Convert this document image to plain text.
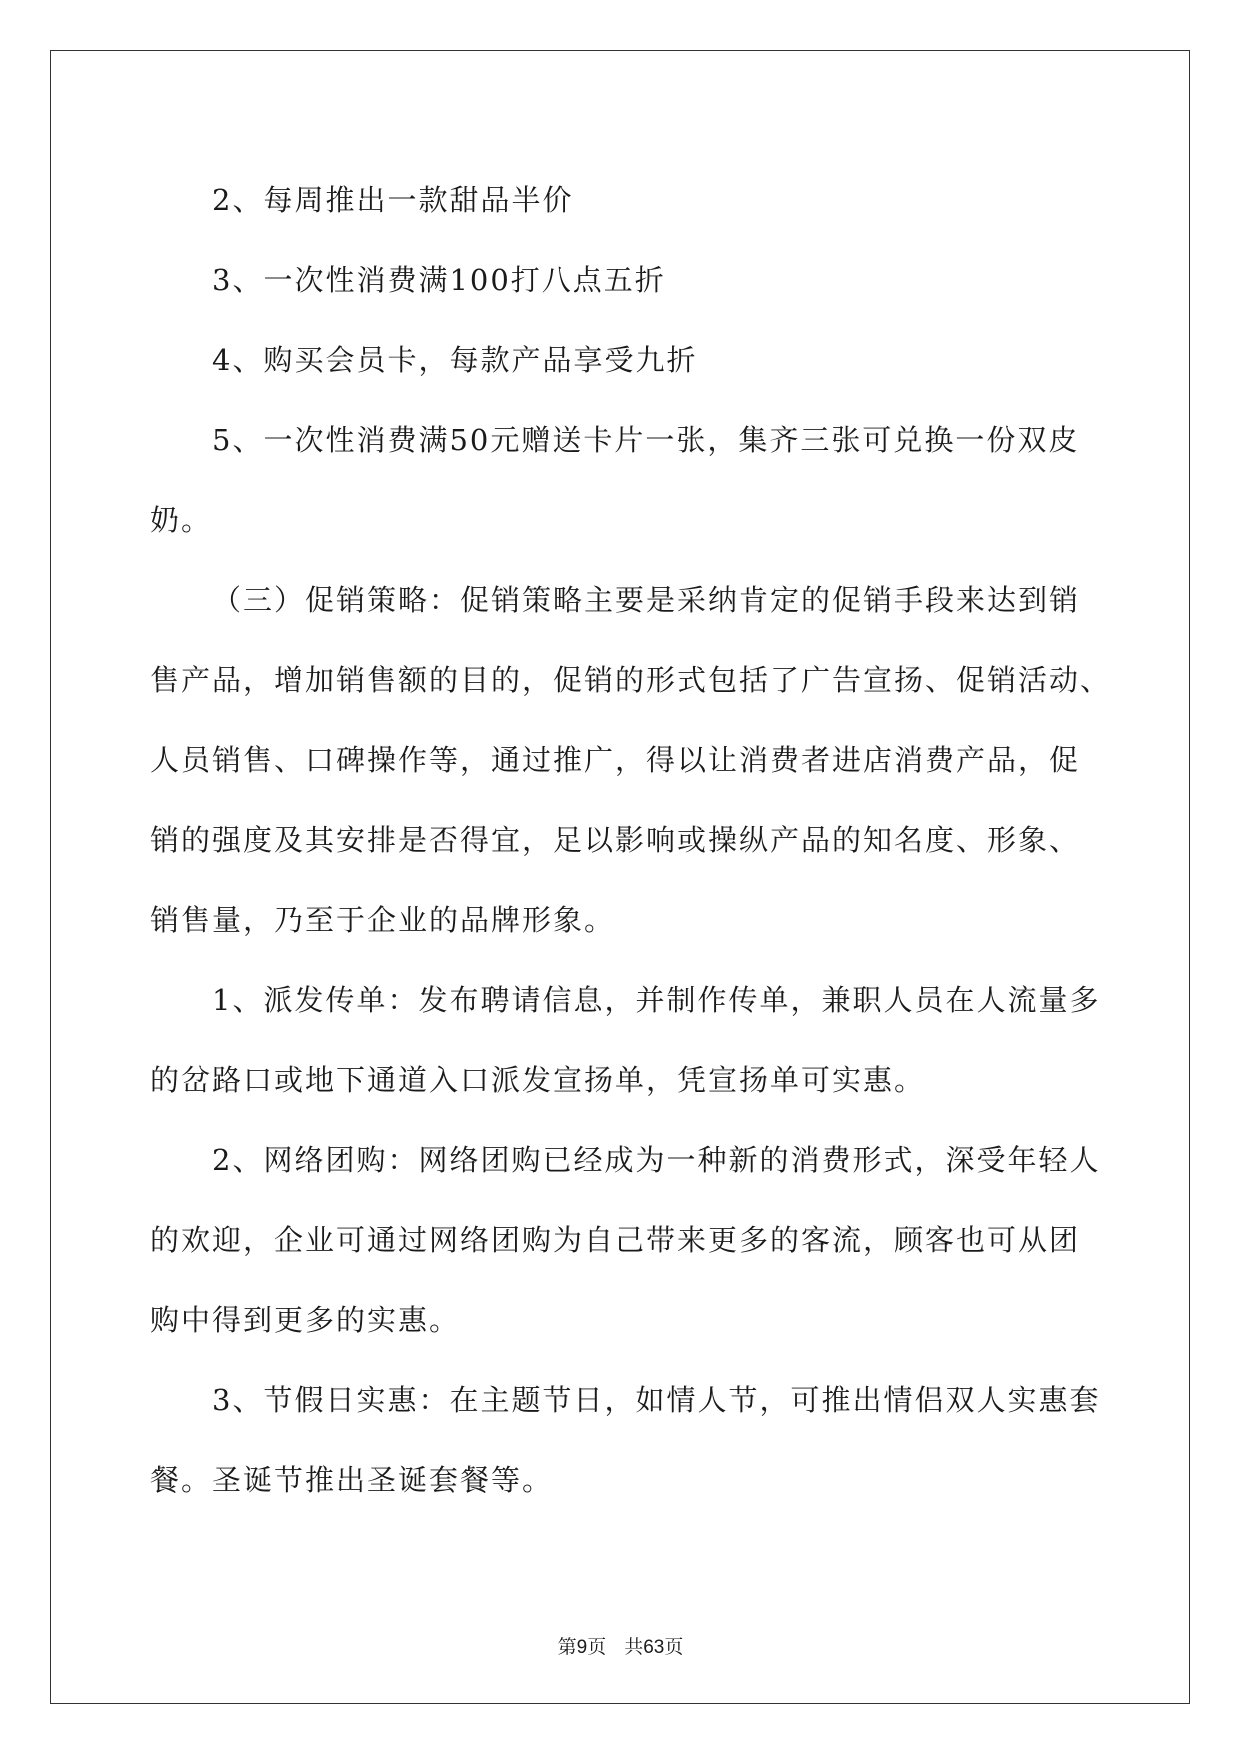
2、每周推出一款甜品半价

3、一次性消费满100打八点五折

4、购买会员卡，每款产品享受九折

5、一次性消费满50元赠送卡片一张，集齐三张可兑换一份双皮
奶。

（三）促销策略：促销策略主要是采纳肯定的促销手段来达到销
售产品，增加销售额的目的，促销的形式包括了广告宣扬、促销活动、
人员销售、口碑操作等，通过推广，得以让消费者进店消费产品，促
销的强度及其安排是否得宜，足以影响或操纵产品的知名度、形象、
销售量，乃至于企业的品牌形象。

1、派发传单：发布聘请信息，并制作传单，兼职人员在人流量多
的岔路口或地下通道入口派发宣扬单，凭宣扬单可实惠。

2、网络团购：网络团购已经成为一种新的消费形式，深受年轻人
的欢迎，企业可通过网络团购为自己带来更多的客流，顾客也可从团
购中得到更多的实惠。

3、节假日实惠：在主题节日，如情人节，可推出情侣双人实惠套
餐。圣诞节推出圣诞套餐等。

第9页 共63页
